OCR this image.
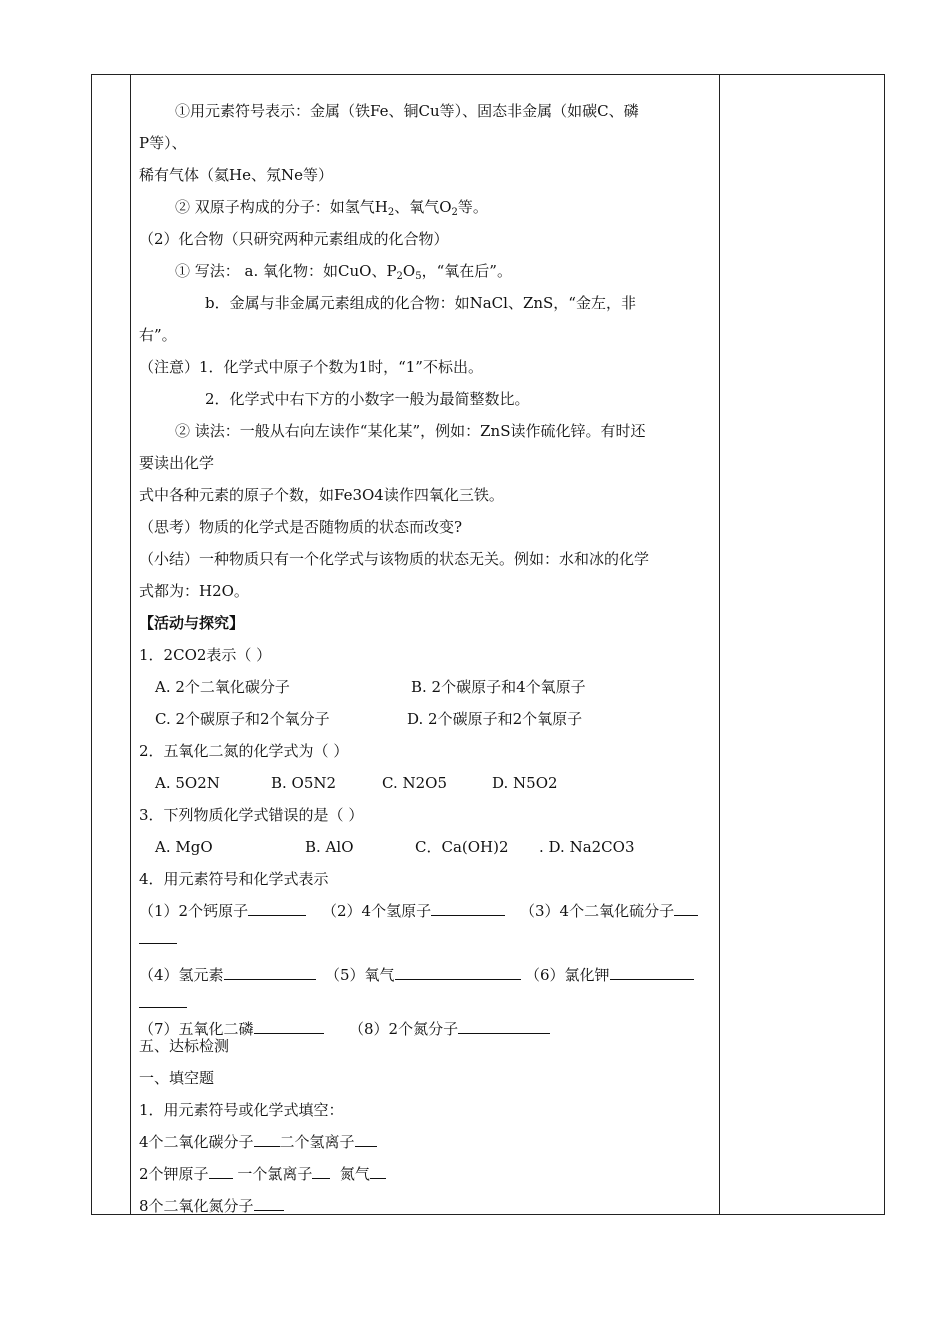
①用元素符号表示：金属（铁Fe、铜Cu等）、固态非金属（如碳C、磷
P等）、
稀有气体（氦He、氖Ne等）
② 双原子构成的分子：如氢气$H_2$、氧气$O_2$等。
（2）化合物（只研究两种元素组成的化合物）
① 写法： a. 氧化物：如CuO、$P_2O_5$，“氧在后”。
b．金属与非金属元素组成的化合物：如NaCl、ZnS，“金左，非
右”。
（注意）1．化学式中原子个数为1时，“1”不标出。
2．化学式中右下方的小数字一般为最简整数比。
② 读法：一般从右向左读作“某化某”，例如：ZnS读作硫化锌。有时还
要读出化学
式中各种元素的原子个数，如Fe3O4读作四氧化三铁。
（思考）物质的化学式是否随物质的状态而改变?
（小结）一种物质只有一个化学式与该物质的状态无关。例如：水和冰的化学
式都为：H2O。
【活动与探究】
1．2CO2表示（ ）
A. 2个二氧化碳分子	B. 2个碳原子和4个氧原子
C. 2个碳原子和2个氧分子	D. 2个碳原子和2个氧原子
2．五氧化二氮的化学式为（ ）
A. 5O2N	B. O5N2	C. N2O5	D. N5O2
3．下列物质化学式错误的是（ ）
A. MgO	B. AlO	C．Ca(OH)2 . D. Na2CO3
4．用元素符号和化学式表示
（1）2个钙原子	（2）4个氢原子	（3）4个二氧化硫分子
（4）氢元素	（5）氧气	（6）氯化钾
（7）五氧化二磷	（8）2个氮分子
五、达标检测
一、填空题
1．用元素符号或化学式填空：
4个二氧化碳分子 二个氢离子
2个钾原子 一个氯离子 氮气
8个二氧化氮分子
